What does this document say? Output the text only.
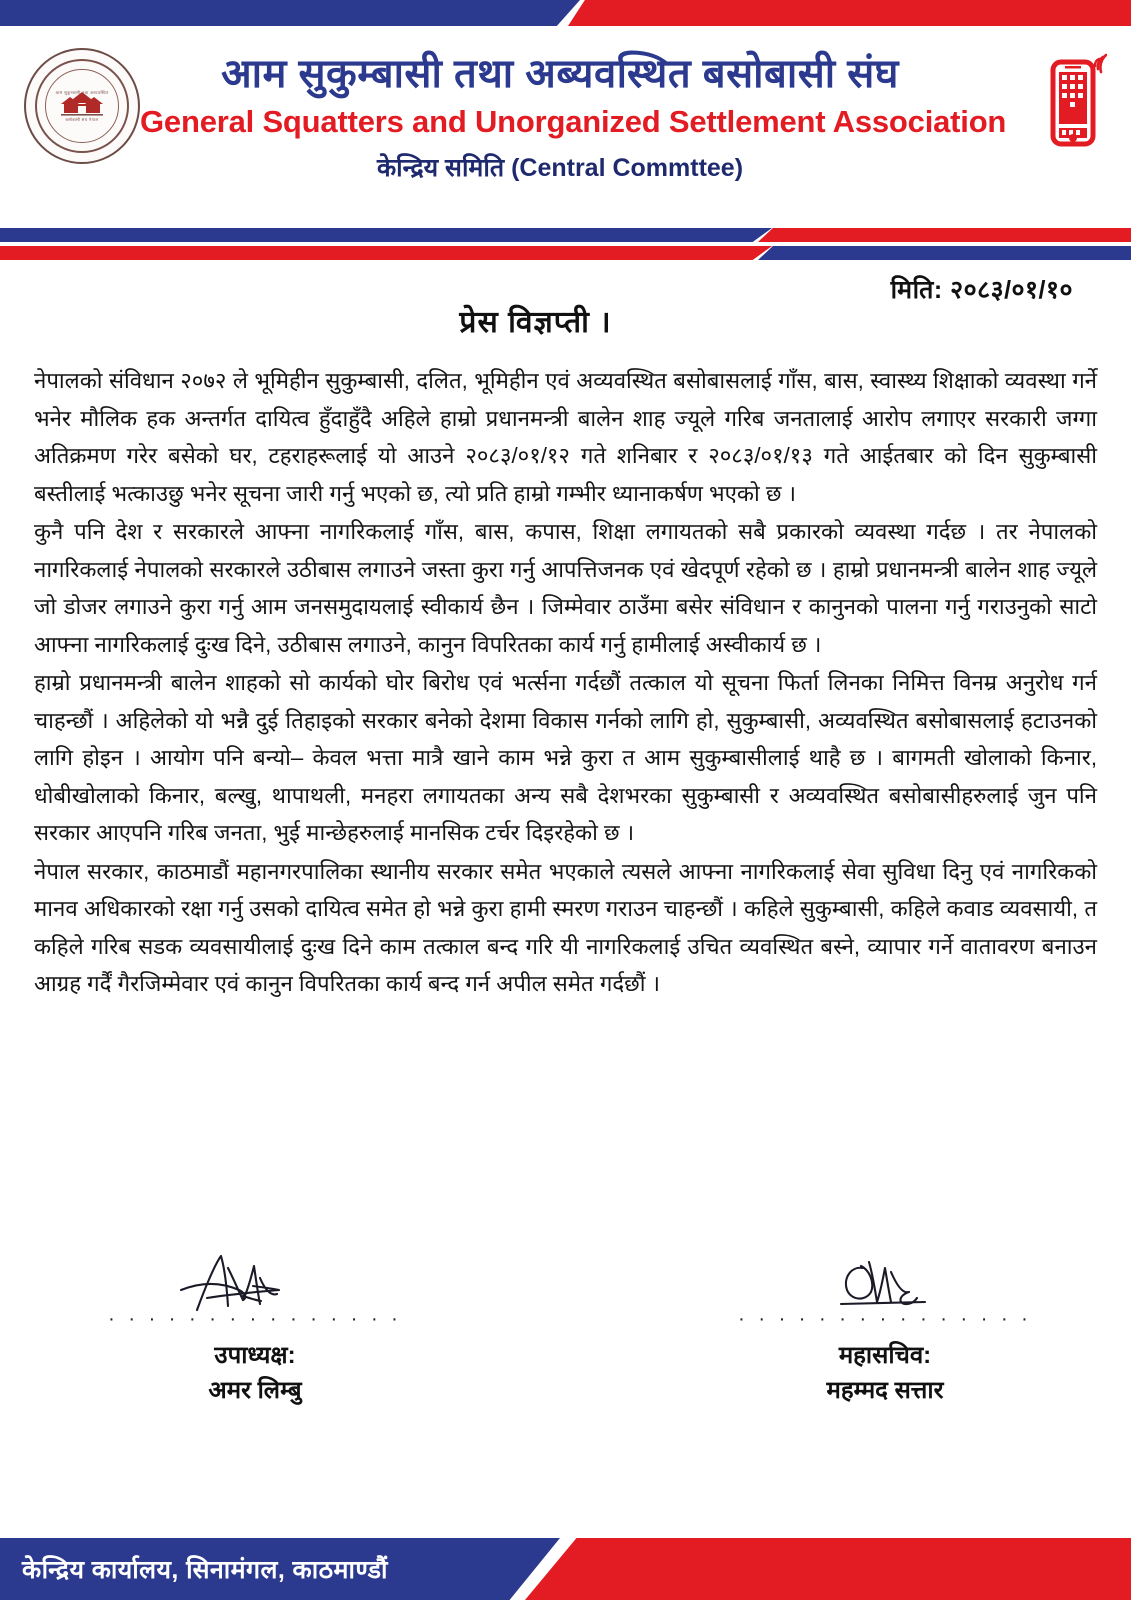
आम सुकुम्बासी तथा अब्यवस्थित
बसोबासी संघ नेपाल
आम सुकुम्बासी तथा अब्यवस्थित बसोबासी संघ
General Squatters and Unorganized Settlement Association
केन्द्रिय समिति (Central Commttee)
मिति: २०८३/०१/१०
प्रेस विज्ञप्ती ।

नेपालको संविधान २०७२ ले भूमिहीन सुकुम्बासी, दलित, भूमिहीन एवं अव्यवस्थित बसोबासलाई गाँस, बास, स्वास्थ्य शिक्षाको व्यवस्था गर्ने भनेर मौलिक हक अन्तर्गत दायित्व हुँदाहुँदै अहिले हाम्रो प्रधानमन्त्री बालेन शाह ज्यूले गरिब जनतालाई आरोप लगाएर सरकारी जग्गा अतिक्रमण गरेर बसेको घर, टहराहरूलाई यो आउने २०८३/०१/१२ गते शनिबार र २०८३/०१/१३ गते आईतबार को दिन सुकुम्बासी बस्तीलाई भत्काउछु भनेर सूचना जारी गर्नु भएको छ, त्यो प्रति हाम्रो गम्भीर ध्यानाकर्षण भएको छ ।

कुनै पनि देश र सरकारले आफ्ना नागरिकलाई गाँस, बास, कपास, शिक्षा लगायतको सबै प्रकारको व्यवस्था गर्दछ । तर नेपालको नागरिकलाई नेपालको सरकारले उठीबास लगाउने जस्ता कुरा गर्नु आपत्तिजनक एवं खेदपूर्ण रहेको छ । हाम्रो प्रधानमन्त्री बालेन शाह ज्यूले जो डोजर लगाउने कुरा गर्नु आम जनसमुदायलाई स्वीकार्य छैन । जिम्मेवार ठाउँमा बसेर संविधान र कानुनको पालना गर्नु गराउनुको साटो आफ्ना नागरिकलाई दुःख दिने, उठीबास लगाउने, कानुन विपरितका कार्य गर्नु हामीलाई अस्वीकार्य छ ।

हाम्रो प्रधानमन्त्री बालेन शाहको सो कार्यको घोर बिरोध एवं भर्त्सना गर्दछौं तत्काल यो सूचना फिर्ता लिनका निमित्त विनम्र अनुरोध गर्न चाहन्छौं । अहिलेको यो भन्नै दुई तिहाइको सरकार बनेको देशमा विकास गर्नको लागि हो, सुकुम्बासी, अव्यवस्थित बसोबासलाई हटाउनको लागि होइन । आयोग पनि बन्यो– केवल भत्ता मात्रै खाने काम भन्ने कुरा त आम सुकुम्बासीलाई थाहै छ । बागमती खोलाको किनार, धोबीखोलाको किनार, बल्खु, थापाथली, मनहरा लगायतका अन्य सबै देशभरका सुकुम्बासी र अव्यवस्थित बसोबासीहरुलाई जुन पनि सरकार आएपनि गरिब जनता, भुई मान्छेहरुलाई मानसिक टर्चर दिइरहेको छ ।

नेपाल सरकार, काठमाडौं महानगरपालिका स्थानीय सरकार समेत भएकाले त्यसले आफ्ना नागरिकलाई सेवा सुविधा दिनु एवं नागरिकको मानव अधिकारको रक्षा गर्नु उसको दायित्व समेत हो भन्ने कुरा हामी स्मरण गराउन चाहन्छौं । कहिले सुकुम्बासी, कहिले कवाड व्यवसायी, त कहिले गरिब सडक व्यवसायीलाई दुःख दिने काम तत्काल बन्द गरि यी नागरिकलाई उचित व्यवस्थित बस्ने, व्यापार गर्ने वातावरण बनाउन आग्रह गर्दैं गैरजिम्मेवार एवं कानुन विपरितका कार्य बन्द गर्न अपील समेत गर्दछौं ।

· · · · · · · · · · · · · · ·
उपाध्यक्ष:
अमर लिम्बु
· · · · · · · · · · · · · · ·
महासचिव:
महम्मद सत्तार
केन्द्रिय कार्यालय, सिनामंगल, काठमाण्डौं
